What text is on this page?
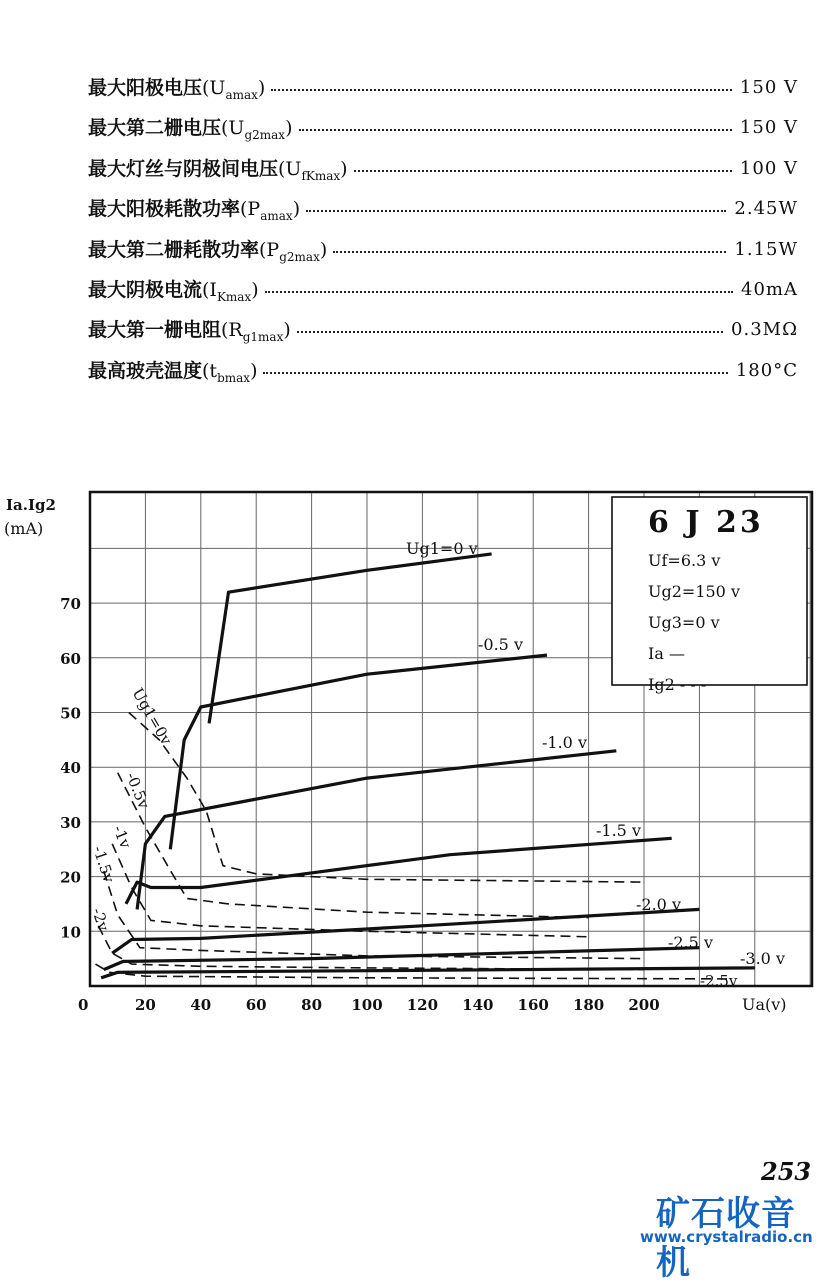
最大阳极电压$(U_{amax})$	150 V
最大第二栅电压$(U_{g2max})$	150 V
最大灯丝与阴极间电压$(U_{fKmax})$	100 V
最大阳极耗散功率$(P_{amax})$	2.45W
最大第二栅耗散功率$(P_{g2max})$	1.15W
最大阴极电流$(I_{Kmax})$	40mA
最大第一栅电阻$(R_{g1max})$	0.3MΩ
最高玻壳温度$(t_{bmax})$	180°C
6 J 23
Uf=6.3 v
Ug2=150 v
Ug3=0 v
Ia —
Ig2 - - -
0	20 40 60 80 100 120 140 160 180 200
10
20
30
40
50
60
70
Ia.Ig2
(mA)
Ua(v)
Ug1=0 v
-0.5 v
-1.0 v
-1.5 v
-2.0 v
-2.5 v
-3.0 v
Ug1=0v
-0.5v
-1v
-1.5v
-2v
-2.5v
253
矿石收音机
www.crystalradio.cn
